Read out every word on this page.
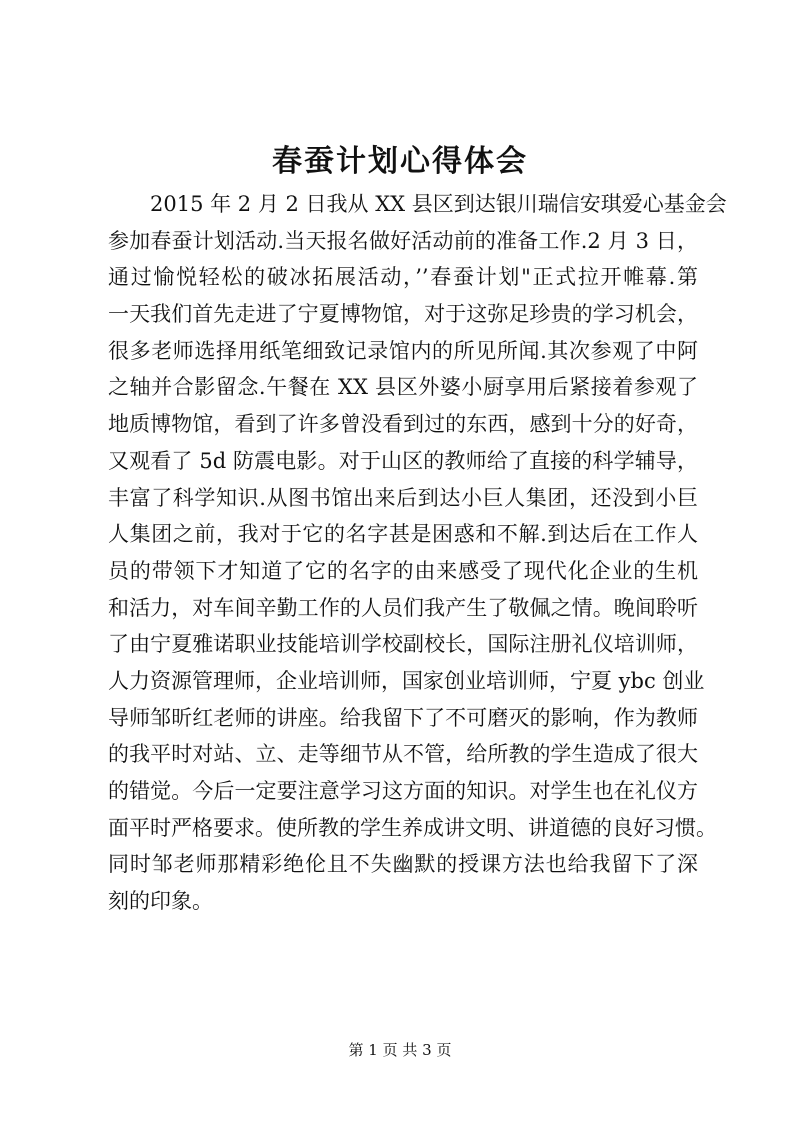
春蚕计划心得体会
2015 年 2 月 2 日我从 XX 县区到达银川瑞信安琪爱心基金会
参加春蚕计划活动.当天报名做好活动前的准备工作.2 月 3 日，
通过愉悦轻松的破冰拓展活动，’’春蚕计划"正式拉开帷幕.第
一天我们首先走进了宁夏博物馆，对于这弥足珍贵的学习机会，
很多老师选择用纸笔细致记录馆内的所见所闻.其次参观了中阿
之轴并合影留念.午餐在 XX 县区外婆小厨享用后紧接着参观了
地质博物馆，看到了许多曾没看到过的东西，感到十分的好奇，
又观看了 5d 防震电影。对于山区的教师给了直接的科学辅导，
丰富了科学知识.从图书馆出来后到达小巨人集团，还没到小巨
人集团之前，我对于它的名字甚是困惑和不解.到达后在工作人
员的带领下才知道了它的名字的由来感受了现代化企业的生机
和活力，对车间辛勤工作的人员们我产生了敬佩之情。晚间聆听
了由宁夏雅诺职业技能培训学校副校长，国际注册礼仪培训师，
人力资源管理师，企业培训师，国家创业培训师，宁夏 ybc 创业
导师邹昕红老师的讲座。给我留下了不可磨灭的影响，作为教师
的我平时对站、立、走等细节从不管，给所教的学生造成了很大
的错觉。今后一定要注意学习这方面的知识。对学生也在礼仪方
面平时严格要求。使所教的学生养成讲文明、讲道德的良好习惯。
同时邹老师那精彩绝伦且不失幽默的授课方法也给我留下了深
刻的印象。
第 1 页 共 3 页
